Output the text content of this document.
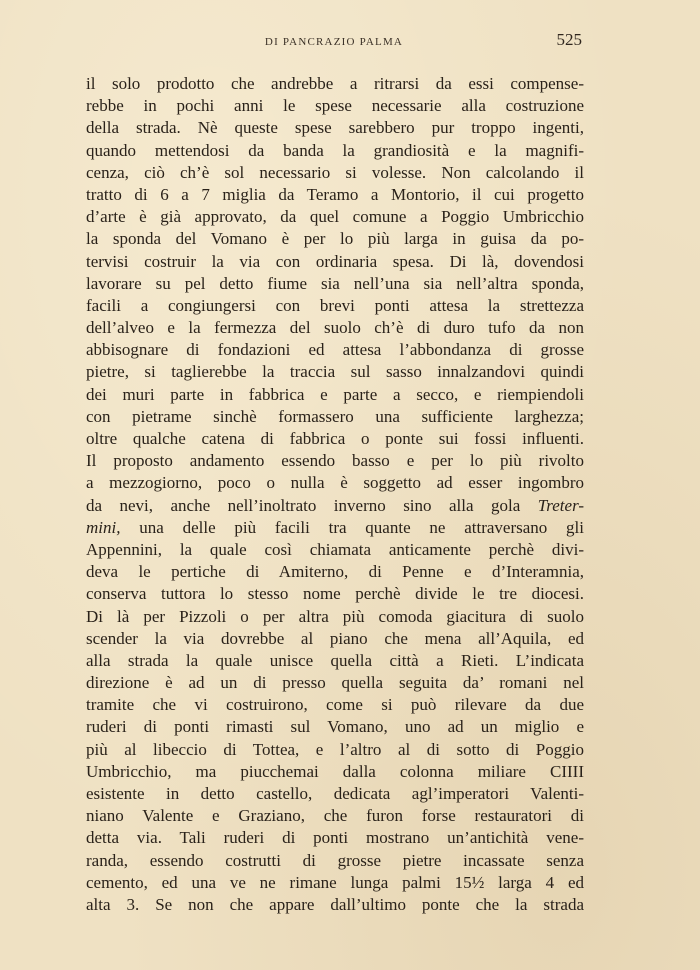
DI PANCRAZIO PALMA	525
il solo prodotto che andrebbe a ritrarsi da essi compense-
rebbe in pochi anni le spese necessarie alla costruzione
della strada. Nè queste spese sarebbero pur troppo ingenti,
quando mettendosi da banda la grandiosità e la magnifi-
cenza, ciò ch’è sol necessario si volesse. Non calcolando il
tratto di 6 a 7 miglia da Teramo a Montorio, il cui progetto
d’arte è già approvato, da quel comune a Poggio Umbricchio
la sponda del Vomano è per lo più larga in guisa da po-
tervisi costruir la via con ordinaria spesa. Di là, dovendosi
lavorare su pel detto fiume sia nell’una sia nell’altra sponda,
facili a congiungersi con brevi ponti attesa la strettezza
dell’alveo e la fermezza del suolo ch’è di duro tufo da non
abbisognare di fondazioni ed attesa l’abbondanza di grosse
pietre, si taglierebbe la traccia sul sasso innalzandovi quindi
dei muri parte in fabbrica e parte a secco, e riempiendoli
con pietrame sinchè formassero una sufficiente larghezza;
oltre qualche catena di fabbrica o ponte sui fossi influenti.
Il proposto andamento essendo basso e per lo più rivolto
a mezzogiorno, poco o nulla è soggetto ad esser ingombro
da nevi, anche nell’inoltrato inverno sino alla gola Treter-
mini, una delle più facili tra quante ne attraversano gli
Appennini, la quale così chiamata anticamente perchè divi-
deva le pertiche di Amiterno, di Penne e d’Interamnia,
conserva tuttora lo stesso nome perchè divide le tre diocesi.
Di là per Pizzoli o per altra più comoda giacitura di suolo
scender la via dovrebbe al piano che mena all’Aquila, ed
alla strada la quale unisce quella città a Rieti. L’indicata
direzione è ad un di presso quella seguita da’ romani nel
tramite che vi costruirono, come si può rilevare da due
ruderi di ponti rimasti sul Vomano, uno ad un miglio e
più al libeccio di Tottea, e l’altro al di sotto di Poggio
Umbricchio, ma piucchemai dalla colonna miliare CIIII
esistente in detto castello, dedicata agl’imperatori Valenti-
niano Valente e Graziano, che furon forse restauratori di
detta via. Tali ruderi di ponti mostrano un’antichità vene-
randa, essendo costrutti di grosse pietre incassate senza
cemento, ed una ve ne rimane lunga palmi 15½ larga 4 ed
alta 3. Se non che appare dall’ultimo ponte che la strada
